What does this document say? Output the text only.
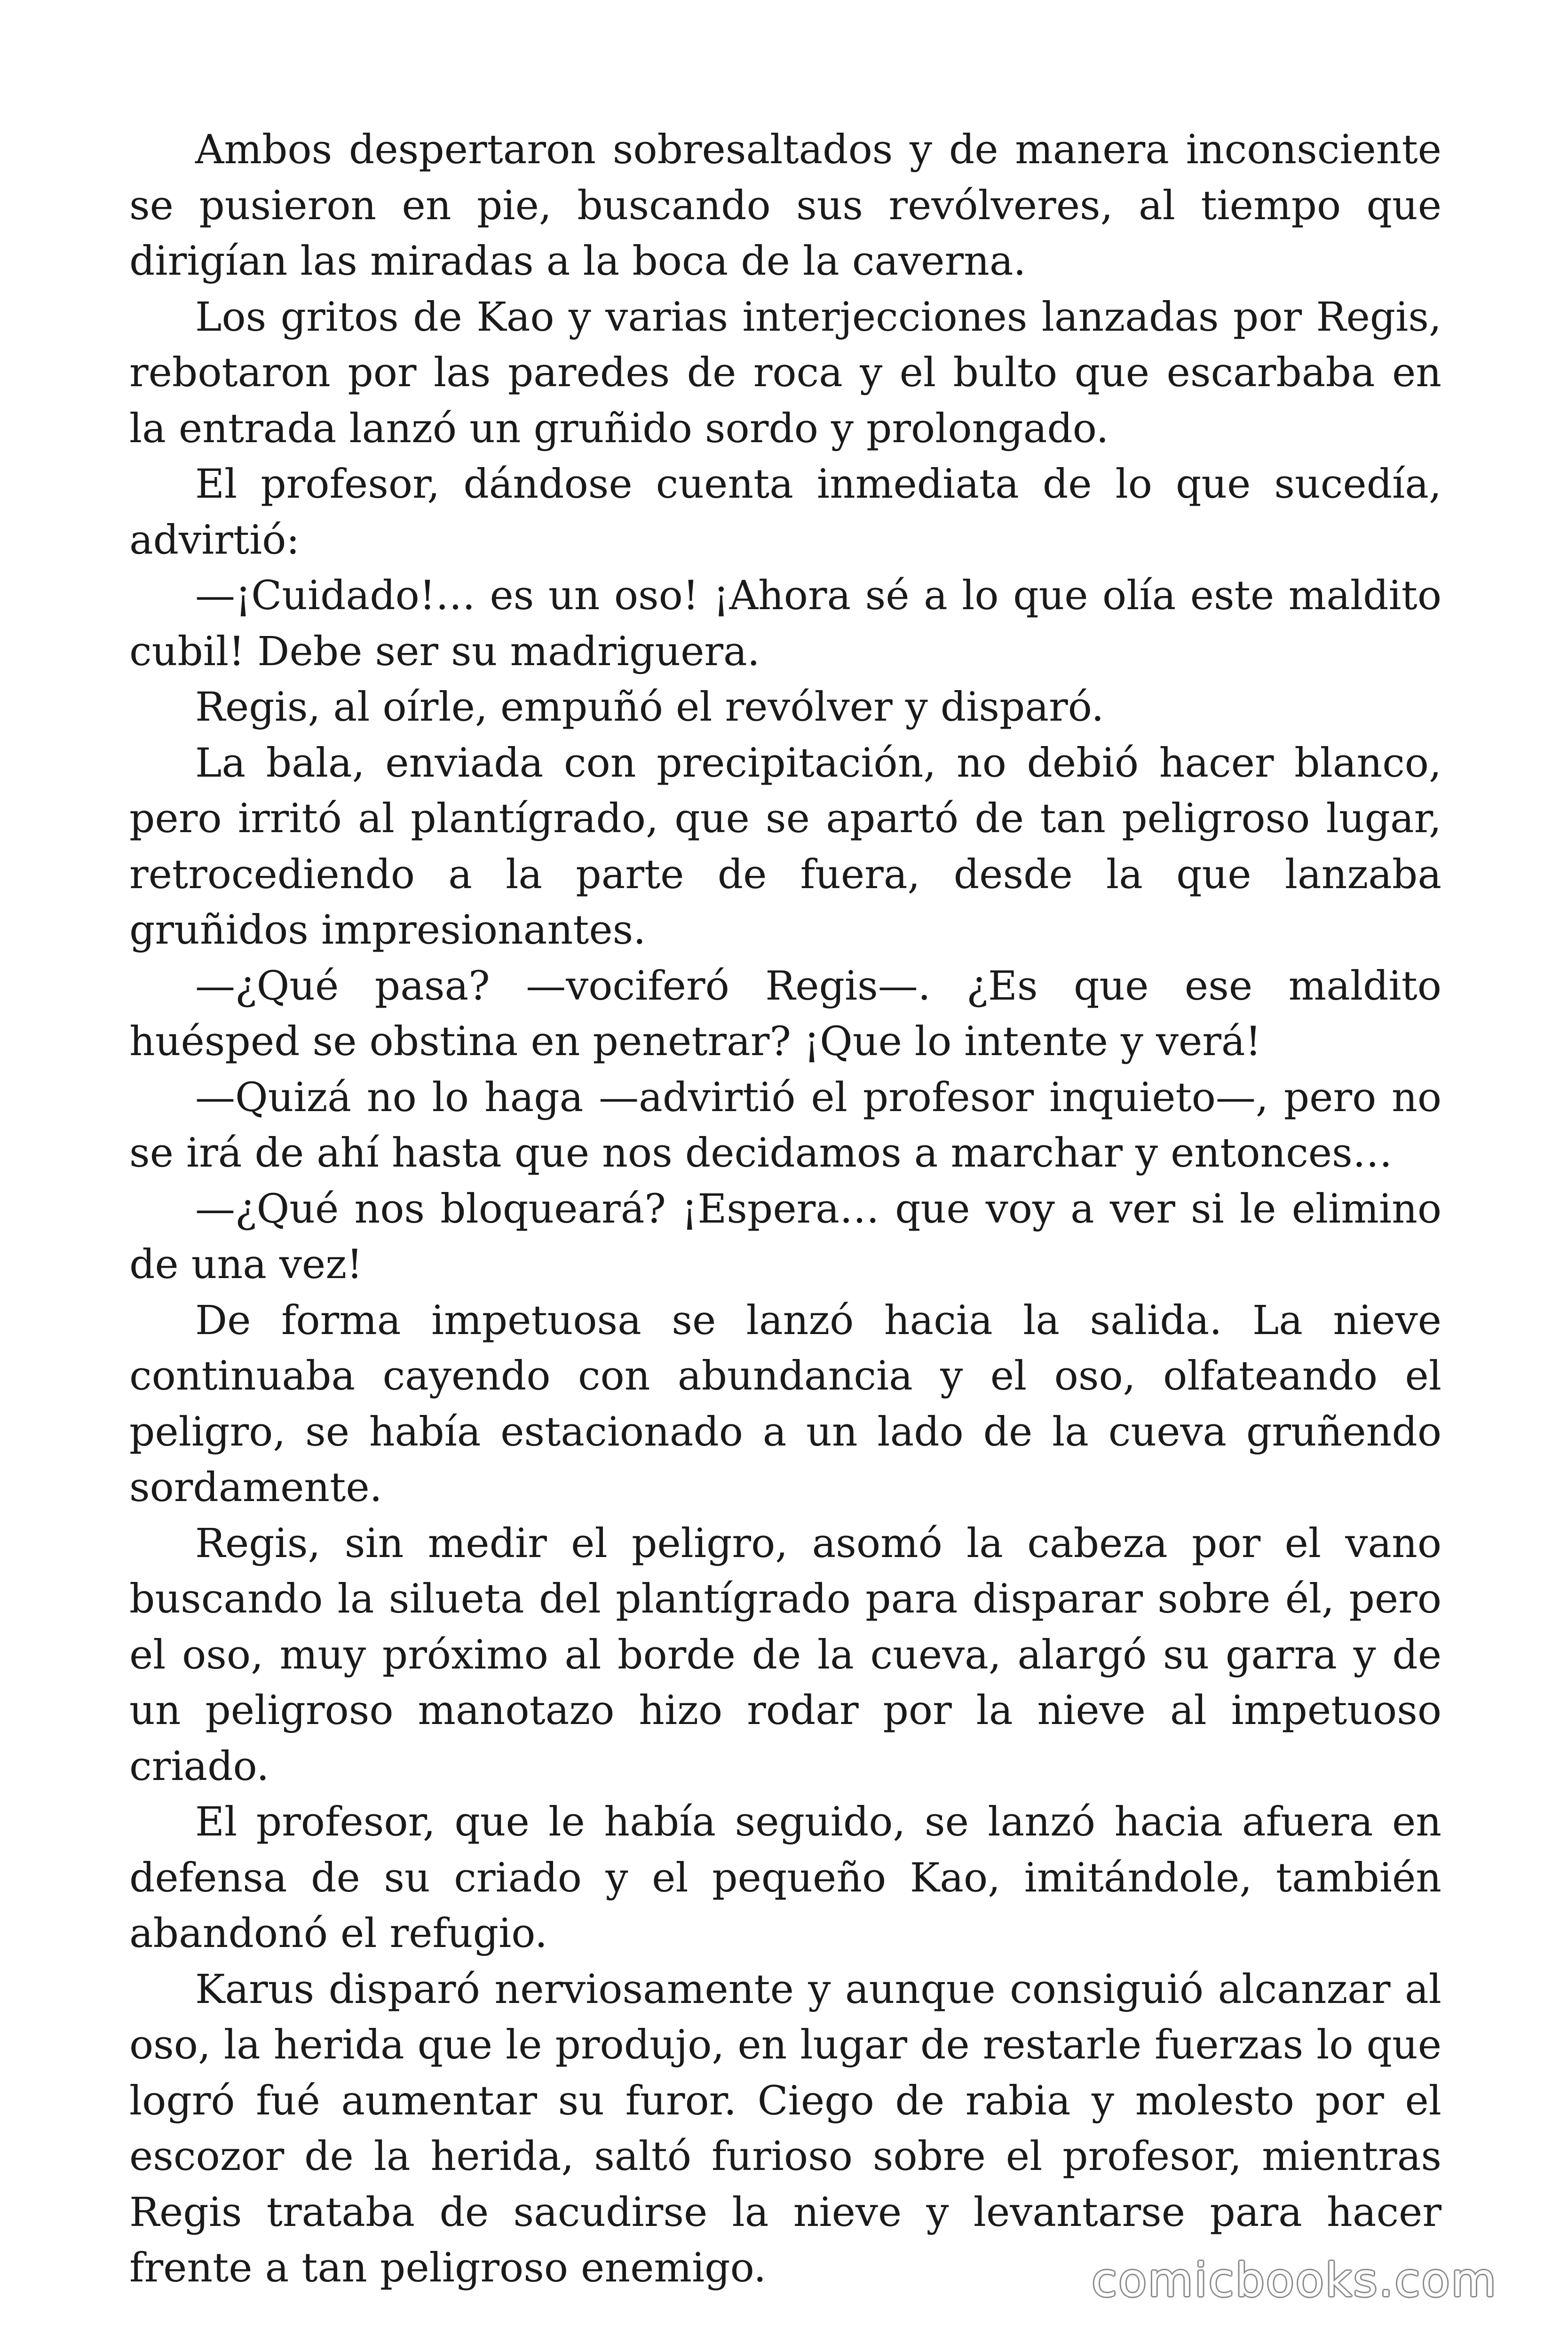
Ambos despertaron sobresaltados y de manera inconsciente se pusieron en pie, buscando sus revólveres, al tiempo que dirigían las miradas a la boca de la caverna.

Los gritos de Kao y varias interjecciones lanzadas por Regis, rebotaron por las paredes de roca y el bulto que escarbaba en la entrada lanzó un gruñido sordo y prolongado.

El profesor, dándose cuenta inmediata de lo que sucedía, advirtió:

—¡Cuidado!… es un oso! ¡Ahora sé a lo que olía este maldito cubil! Debe ser su madriguera.

Regis, al oírle, empuñó el revólver y disparó.

La bala, enviada con precipitación, no debió hacer blanco, pero irritó al plantígrado, que se apartó de tan peligroso lugar, retrocediendo a la parte de fuera, desde la que lanzaba gruñidos impresionantes.

—¿Qué pasa? —vociferó Regis—. ¿Es que ese maldito huésped se obstina en penetrar? ¡Que lo intente y verá!

—Quizá no lo haga —advirtió el profesor inquieto—, pero no se irá de ahí hasta que nos decidamos a marchar y entonces…

—¿Qué nos bloqueará? ¡Espera… que voy a ver si le elimino de una vez!

De forma impetuosa se lanzó hacia la salida. La nieve continuaba cayendo con abundancia y el oso, olfateando el peligro, se había estacionado a un lado de la cueva gruñendo sordamente.

Regis, sin medir el peligro, asomó la cabeza por el vano buscando la silueta del plantígrado para disparar sobre él, pero el oso, muy próximo al borde de la cueva, alargó su garra y de un peligroso manotazo hizo rodar por la nieve al impetuoso criado.

El profesor, que le había seguido, se lanzó hacia afuera en defensa de su criado y el pequeño Kao, imitándole, también abandonó el refugio.

Karus disparó nerviosamente y aunque consiguió alcanzar al oso, la herida que le produjo, en lugar de restarle fuerzas lo que logró fué aumentar su furor. Ciego de rabia y molesto por el escozor de la herida, saltó furioso sobre el profesor, mientras Regis trataba de sacudirse la nieve y levantarse para hacer frente a tan peligroso enemigo.	comicbooks.com
